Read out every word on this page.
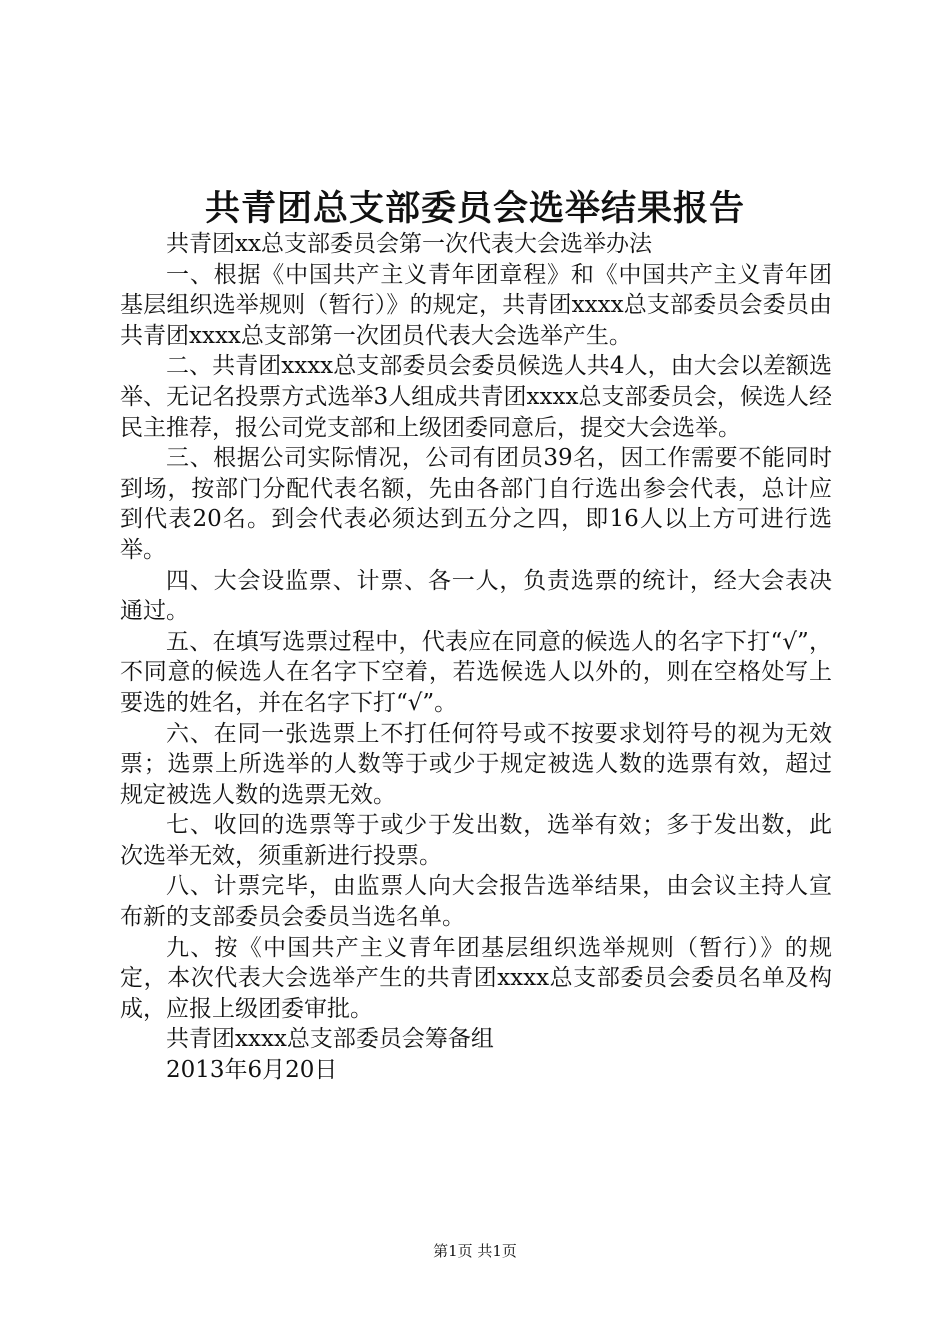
共青团总支部委员会选举结果报告

共青团xx总支部委员会第一次代表大会选举办法

一、根据《中国共产主义青年团章程》和《中国共产主义青年团基层组织选举规则（暂行）》的规定，共青团xxxx总支部委员会委员由共青团xxxx总支部第一次团员代表大会选举产生。

二、共青团xxxx总支部委员会委员候选人共4人，由大会以差额选举、无记名投票方式选举3人组成共青团xxxx总支部委员会，候选人经民主推荐，报公司党支部和上级团委同意后，提交大会选举。

三、根据公司实际情况，公司有团员39名，因工作需要不能同时到场，按部门分配代表名额，先由各部门自行选出参会代表，总计应到代表20名。到会代表必须达到五分之四，即16人以上方可进行选举。

四、大会设监票、计票、各一人，负责选票的统计，经大会表决通过。

五、在填写选票过程中，代表应在同意的候选人的名字下打“√”，不同意的候选人在名字下空着，若选候选人以外的，则在空格处写上要选的姓名，并在名字下打“√”。

六、在同一张选票上不打任何符号或不按要求划符号的视为无效票；选票上所选举的人数等于或少于规定被选人数的选票有效，超过规定被选人数的选票无效。

七、收回的选票等于或少于发出数，选举有效；多于发出数，此次选举无效，须重新进行投票。

八、计票完毕，由监票人向大会报告选举结果，由会议主持人宣布新的支部委员会委员当选名单。

九、按《中国共产主义青年团基层组织选举规则（暂行）》的规定，本次代表大会选举产生的共青团xxxx总支部委员会委员名单及构成，应报上级团委审批。

共青团xxxx总支部委员会筹备组

2013年6月20日

第1页 共1页
